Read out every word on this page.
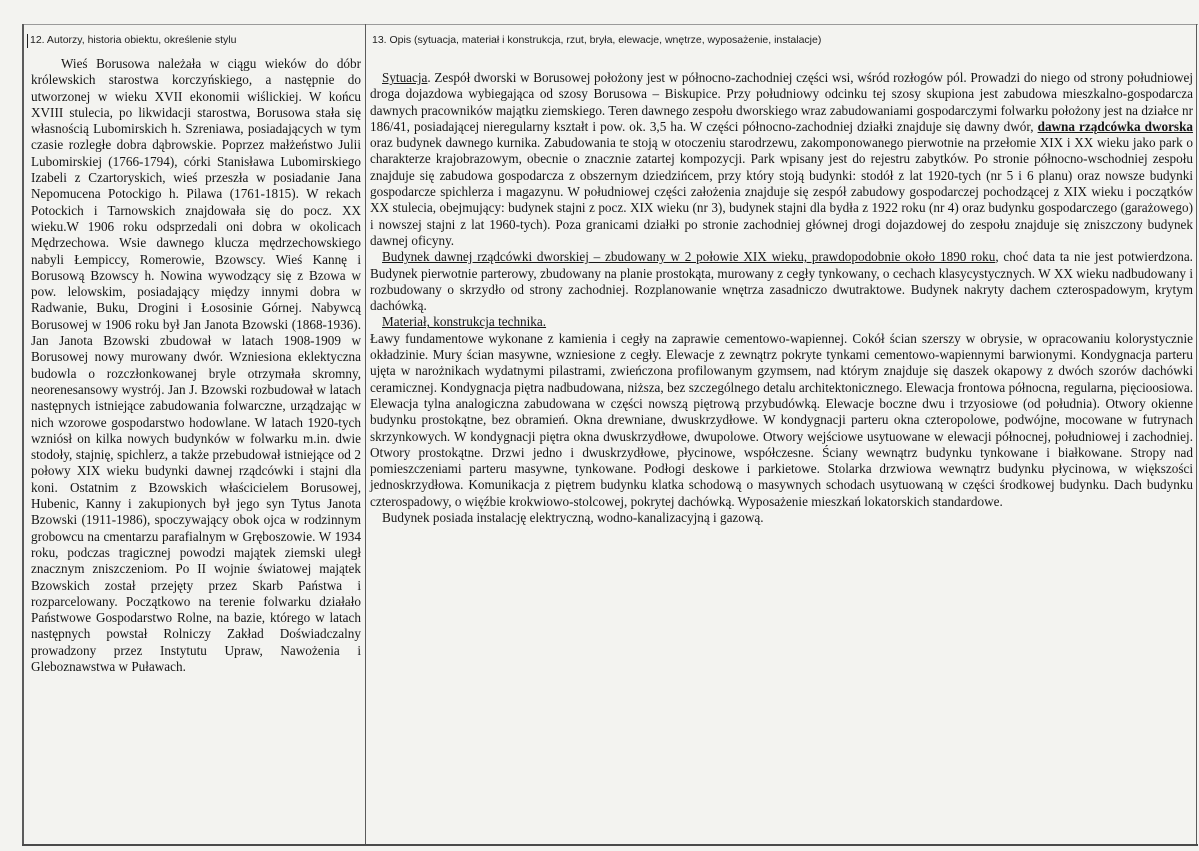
12. Autorzy, historia obiektu, określenie stylu	13. Opis (sytuacja, materiał i konstrukcja, rzut, bryła, elewacje, wnętrze, wyposażenie, instalacje)

Wieś Borusowa należała w ciągu wieków do dóbr królewskich starostwa korczyńskiego, a następnie do utworzonej w wieku XVII ekonomii wiślickiej. W końcu XVIII stulecia, po likwidacji starostwa, Borusowa stała się własnością Lubomirskich h. Szreniawa, posiadających w tym czasie rozległe dobra dąbrowskie. Poprzez małżeństwo Julii Lubomirskiej (1766-1794), córki Stanisława Lubomirskiego Izabeli z Czartoryskich, wieś przeszła w posiadanie Jana Nepomucena Potockigo h. Pilawa (1761-1815). W rekach Potockich i Tarnowskich znajdowała się do pocz. XX wieku.W 1906 roku odsprzedali oni dobra w okolicach Mędrzechowa. Wsie dawnego klucza mędrzechowskiego nabyli Łempiccy, Romerowie, Bzowscy. Wieś Kannę i Borusową Bzowscy h. Nowina wywodzący się z Bzowa w pow. lelowskim, posiadający między innymi dobra w Radwanie, Buku, Drogini i Łososinie Górnej. Nabywcą Borusowej w 1906 roku był Jan Janota Bzowski (1868-1936). Jan Janota Bzowski zbudował w latach 1908-1909 w Borusowej nowy murowany dwór. Wzniesiona eklektyczna budowla o rozczłonkowanej bryle otrzymała skromny, neorenesansowy wystrój. Jan J. Bzowski rozbudował w latach następnych istniejące zabudowania folwarczne, urządzając w nich wzorowe gospodarstwo hodowlane. W latach 1920-tych wzniósł on kilka nowych budynków w folwarku m.in. dwie stodoły, stajnię, spichlerz, a także przebudował istniejące od 2 połowy XIX wieku budynki dawnej rządcówki i stajni dla koni. Ostatnim z Bzowskich właścicielem Borusowej, Hubenic, Kanny i zakupionych był jego syn Tytus Janota Bzowski (1911-1986), spoczywający obok ojca w rodzinnym grobowcu na cmentarzu parafialnym w Gręboszowie. W 1934 roku, podczas tragicznej powodzi majątek ziemski uległ znacznym zniszczeniom. Po II wojnie światowej majątek Bzowskich został przejęty przez Skarb Państwa i rozparcelowany. Początkowo na terenie folwarku działało Państwowe Gospodarstwo Rolne, na bazie, którego w latach następnych powstał Rolniczy Zakład Doświadczalny prowadzony przez Instytutu Upraw, Nawożenia i Gleboznawstwa w Puławach.

Sytuacja. Zespół dworski w Borusowej położony jest w północno-zachodniej części wsi, wśród rozłogów pól. Prowadzi do niego od strony południowej droga dojazdowa wybiegająca od szosy Borusowa – Biskupice. Przy południowy odcinku tej szosy skupiona jest zabudowa mieszkalno-gospodarcza dawnych pracowników majątku ziemskiego. Teren dawnego zespołu dworskiego wraz zabudowaniami gospodarczymi folwarku położony jest na działce nr 186/41, posiadającej nieregularny kształt i pow. ok. 3,5 ha. W części północno-zachodniej działki znajduje się dawny dwór, dawna rządcówka dworska oraz budynek dawnego kurnika. Zabudowania te stoją w otoczeniu starodrzewu, zakomponowanego pierwotnie na przełomie XIX i XX wieku jako park o charakterze krajobrazowym, obecnie o znacznie zatartej kompozycji. Park wpisany jest do rejestru zabytków. Po stronie północno-wschodniej zespołu znajduje się zabudowa gospodarcza z obszernym dziedzińcem, przy który stoją budynki: stodół z lat 1920-tych (nr 5 i 6 planu) oraz nowsze budynki gospodarcze spichlerza i magazynu. W południowej części założenia znajduje się zespół zabudowy gospodarczej pochodzącej z XIX wieku i początków XX stulecia, obejmujący: budynek stajni z pocz. XIX wieku (nr 3), budynek stajni dla bydła z 1922 roku (nr 4) oraz budynku gospodarczego (garażowego) i nowszej stajni z lat 1960-tych). Poza granicami działki po stronie zachodniej głównej drogi dojazdowej do zespołu znajduje się zniszczony budynek dawnej oficyny.

Budynek dawnej rządcówki dworskiej – zbudowany w 2 połowie XIX wieku, prawdopodobnie około 1890 roku, choć data ta nie jest potwierdzona. Budynek pierwotnie parterowy, zbudowany na planie prostokąta, murowany z cegły tynkowany, o cechach klasycystycznych. W XX wieku nadbudowany i rozbudowany o skrzydło od strony zachodniej. Rozplanowanie wnętrza zasadniczo dwutraktowe. Budynek nakryty dachem czterospadowym, krytym dachówką.

Materiał, konstrukcja technika.

Ławy fundamentowe wykonane z kamienia i cegły na zaprawie cementowo-wapiennej. Cokół ścian szerszy w obrysie, w opracowaniu kolorystycznie okładzinie. Mury ścian masywne, wzniesione z cegły. Elewacje z zewnątrz pokryte tynkami cementowo-wapiennymi barwionymi. Kondygnacja parteru ujęta w narożnikach wydatnymi pilastrami, zwieńczona profilowanym gzymsem, nad którym znajduje się daszek okapowy z dwóch szorów dachówki ceramicznej. Kondygnacja piętra nadbudowana, niższa, bez szczególnego detalu architektonicznego. Elewacja frontowa północna, regularna, pięcioosiowa. Elewacja tylna analogiczna zabudowana w części nowszą piętrową przybudówką. Elewacje boczne dwu i trzyosiowe (od południa). Otwory okienne budynku prostokątne, bez obramień. Okna drewniane, dwuskrzydłowe. W kondygnacji parteru okna czteropolowe, podwójne, mocowane w futrynach skrzynkowych. W kondygnacji piętra okna dwuskrzydłowe, dwupolowe. Otwory wejściowe usytuowane w elewacji północnej, południowej i zachodniej. Otwory prostokątne. Drzwi jedno i dwuskrzydłowe, płycinowe, współczesne. Ściany wewnątrz budynku tynkowane i białkowane. Stropy nad pomieszczeniami parteru masywne, tynkowane. Podłogi deskowe i parkietowe. Stolarka drzwiowa wewnątrz budynku płycinowa, w większości jednoskrzydłowa. Komunikacja z piętrem budynku klatka schodową o masywnych schodach usytuowaną w części środkowej budynku. Dach budynku czterospadowy, o więźbie krokwiowo-stolcowej, pokrytej dachówką. Wyposażenie mieszkań lokatorskich standardowe.

Budynek posiada instalację elektryczną, wodno-kanalizacyjną i gazową.
